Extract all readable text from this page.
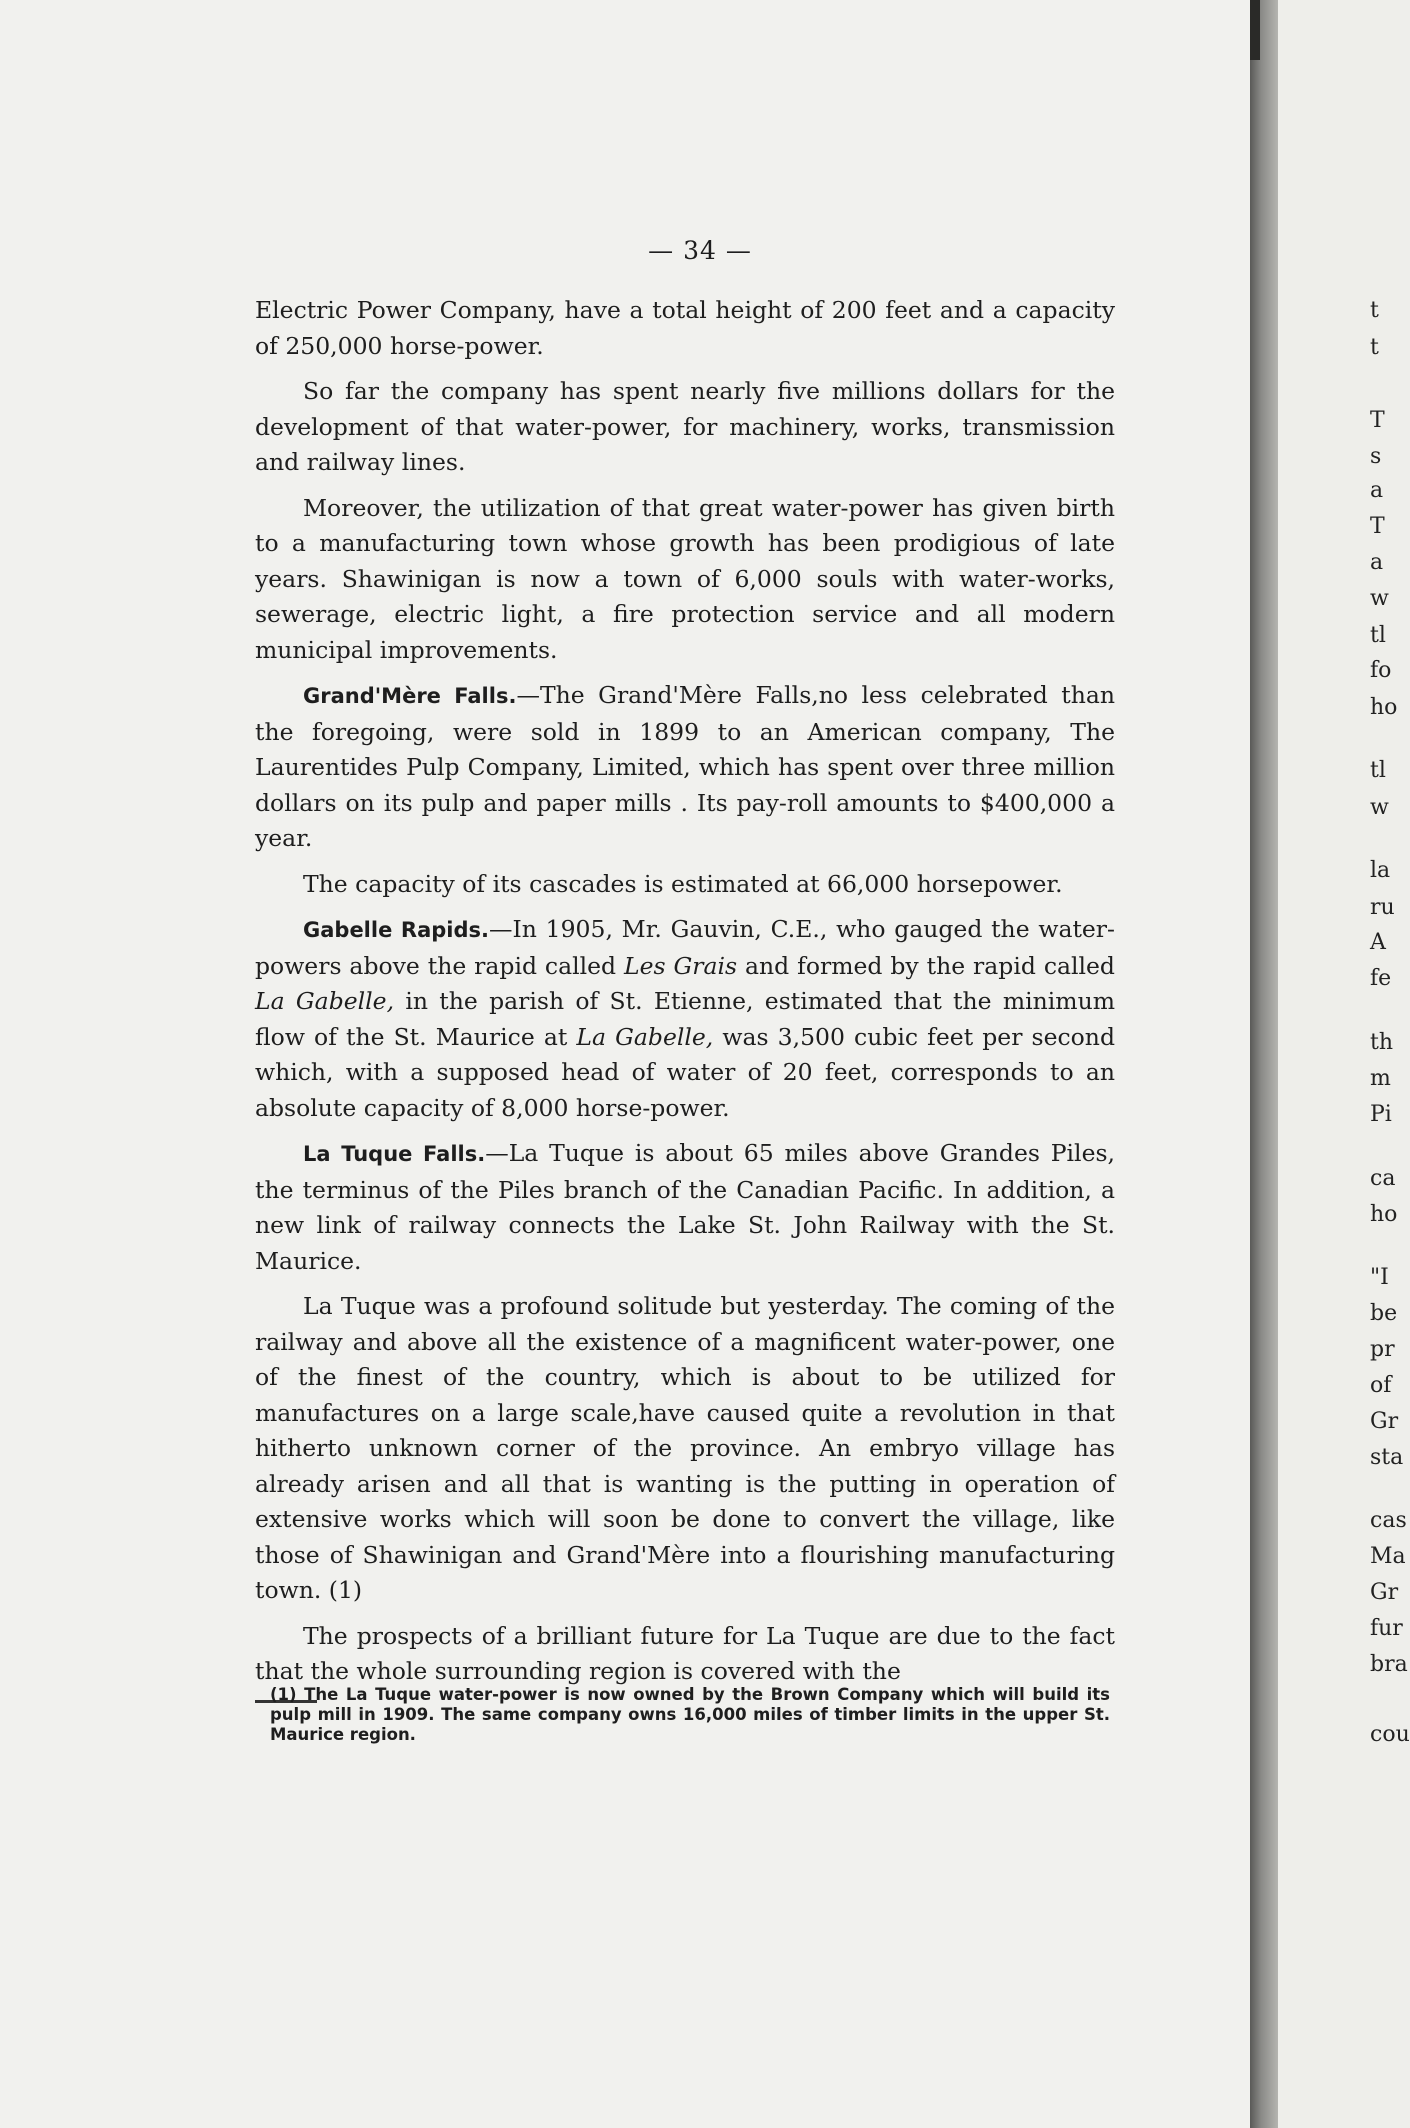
— 34 —

Electric Power Company, have a total height of 200 feet and a capacity of 250,000 horse-power.

So far the company has spent nearly five millions dollars for the development of that water-power, for machinery, works, transmission and railway lines.

Moreover, the utilization of that great water-power has given birth to a manufacturing town whose growth has been prodigious of late years. Shawinigan is now a town of 6,000 souls with water-works, sewerage, electric light, a fire protection service and all modern municipal improvements.

Grand'Mère Falls.—The Grand'Mère Falls,no less celebrated than the foregoing, were sold in 1899 to an American company, The Laurentides Pulp Company, Limited, which has spent over three million dollars on its pulp and paper mills . Its pay-roll amounts to $400,000 a year.

The capacity of its cascades is estimated at 66,000 horsepower.

Gabelle Rapids.—In 1905, Mr. Gauvin, C.E., who gauged the water-powers above the rapid called Les Grais and formed by the rapid called La Gabelle, in the parish of St. Etienne, estimated that the minimum flow of the St. Maurice at La Gabelle, was 3,500 cubic feet per second which, with a supposed head of water of 20 feet, corresponds to an absolute capacity of 8,000 horse-power.

La Tuque Falls.—La Tuque is about 65 miles above Grandes Piles, the terminus of the Piles branch of the Canadian Pacific. In addition, a new link of railway connects the Lake St. John Railway with the St. Maurice.

La Tuque was a profound solitude but yesterday. The coming of the railway and above all the existence of a magnificent water-power, one of the finest of the country, which is about to be utilized for manufactures on a large scale,have caused quite a revolution in that hitherto unknown corner of the province. An embryo village has already arisen and all that is wanting is the putting in operation of extensive works which will soon be done to convert the village, like those of Shawinigan and Grand'Mère into a flourishing manufacturing town. (1)

The prospects of a brilliant future for La Tuque are due to the fact that the whole surrounding region is covered with the

(1) The La Tuque water-power is now owned by the Brown Company which will build its pulp mill in 1909. The same company owns 16,000 miles of timber limits in the upper St. Maurice region.
t
t
T
s
a
T
a
w
tl
fo
ho
tl
w
la
ru
A
fe
th
m
Pi
ca
ho
"I
be
pr
of
Gr
sta
cas
Ma
Gr
fur
bra
cou
